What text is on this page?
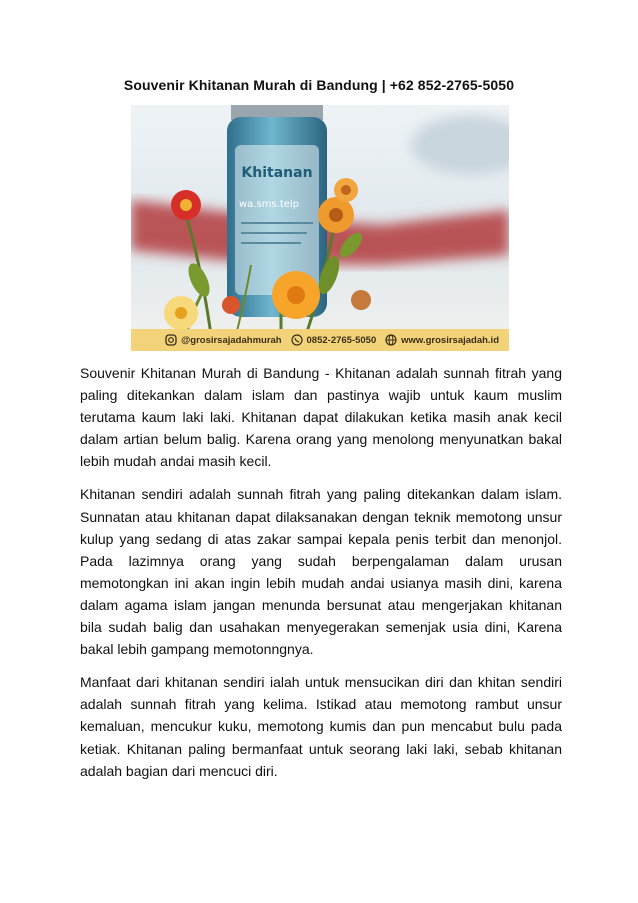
Souvenir Khitanan Murah di Bandung | +62 852-2765-5050
Khitanan
wa.sms.telp
@grosirsajadahmurah	0852-2765-5050	www.grosirsajadah.id

Souvenir Khitanan Murah di Bandung - Khitanan adalah sunnah fitrah yang paling ditekankan dalam islam dan pastinya wajib untuk kaum muslim terutama kaum laki laki. Khitanan dapat dilakukan ketika masih anak kecil dalam artian belum balig. Karena orang yang menolong menyunatkan bakal lebih mudah andai masih kecil.

Khitanan sendiri adalah sunnah fitrah yang paling ditekankan dalam islam. Sunnatan atau khitanan dapat dilaksanakan dengan teknik memotong unsur kulup yang sedang di atas zakar sampai kepala penis terbit dan menonjol. Pada lazimnya orang yang sudah berpengalaman dalam urusan memotongkan ini akan ingin lebih mudah andai usianya masih dini, karena dalam agama islam jangan menunda bersunat atau mengerjakan khitanan bila sudah balig dan usahakan menyegerakan semenjak usia dini, Karena bakal lebih gampang memotonngnya.

Manfaat dari khitanan sendiri ialah untuk mensucikan diri dan khitan sendiri adalah sunnah fitrah yang kelima. Istikad atau memotong rambut unsur kemaluan, mencukur kuku, memotong kumis dan pun mencabut bulu pada ketiak. Khitanan paling bermanfaat untuk seorang laki laki, sebab khitanan adalah bagian dari mencuci diri.
